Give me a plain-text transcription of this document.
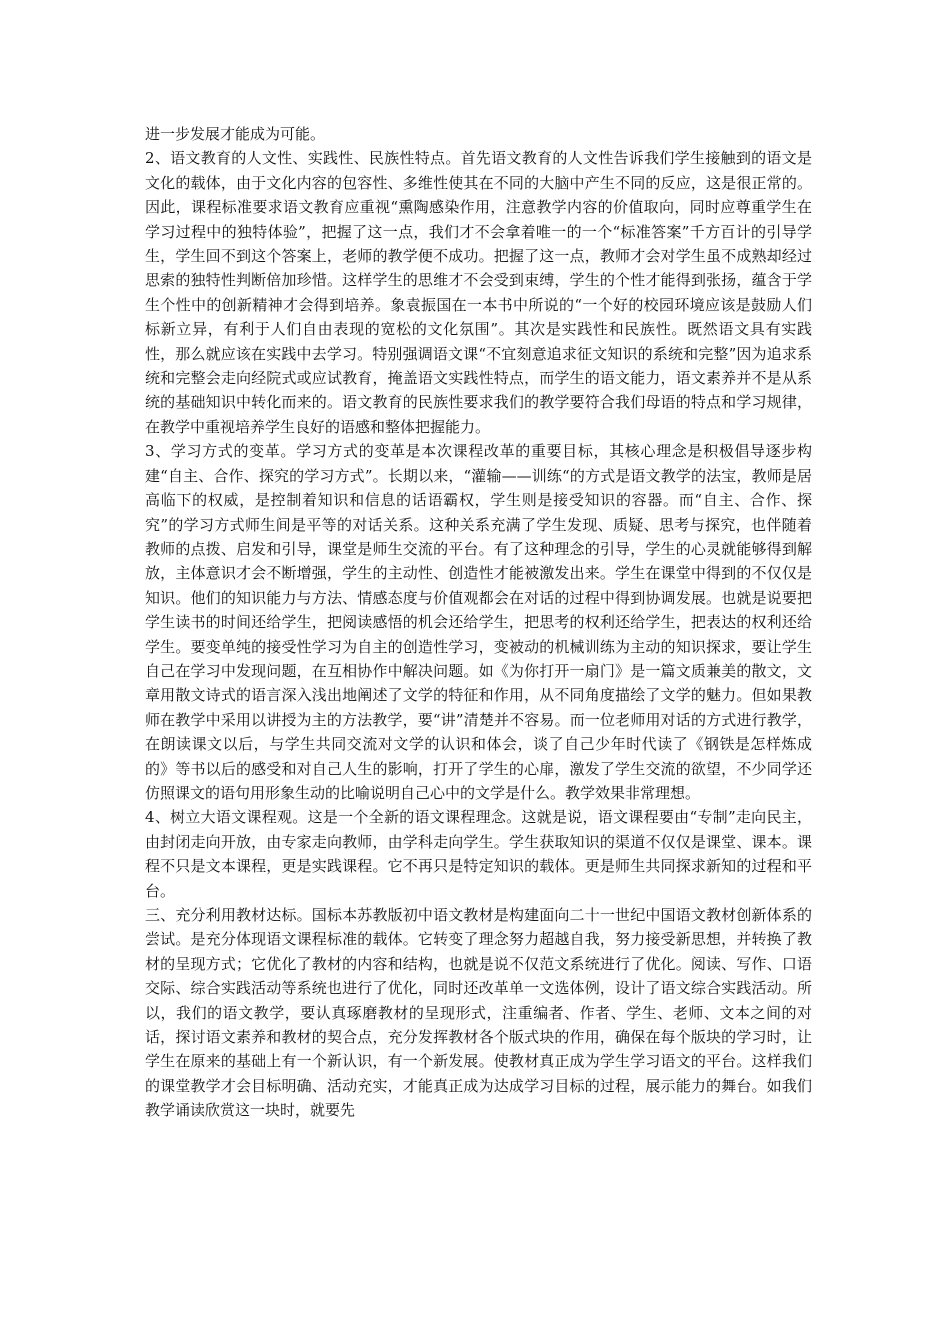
进一步发展才能成为可能。

2、语文教育的人文性、实践性、民族性特点。首先语文教育的人文性告诉我们学生接触到的语文是文化的载体，由于文化内容的包容性、多维性使其在不同的大脑中产生不同的反应，这是很正常的。因此，课程标准要求语文教育应重视“熏陶感染作用，注意教学内容的价值取向，同时应尊重学生在学习过程中的独特体验”，把握了这一点，我们才不会拿着唯一的一个“标准答案”千方百计的引导学生，学生回不到这个答案上，老师的教学便不成功。把握了这一点，教师才会对学生虽不成熟却经过思索的独特性判断倍加珍惜。这样学生的思维才不会受到束缚，学生的个性才能得到张扬，蕴含于学生个性中的创新精神才会得到培养。象袁振国在一本书中所说的“一个好的校园环境应该是鼓励人们标新立异，有利于人们自由表现的宽松的文化氛围”。其次是实践性和民族性。既然语文具有实践性，那么就应该在实践中去学习。特别强调语文课“不宜刻意追求征文知识的系统和完整”因为追求系统和完整会走向经院式或应试教育，掩盖语文实践性特点，而学生的语文能力，语文素养并不是从系统的基础知识中转化而来的。语文教育的民族性要求我们的教学要符合我们母语的特点和学习规律，在教学中重视培养学生良好的语感和整体把握能力。

3、学习方式的变革。学习方式的变革是本次课程改革的重要目标，其核心理念是积极倡导逐步构建“自主、合作、探究的学习方式”。长期以来，“灌输——训练“的方式是语文教学的法宝，教师是居高临下的权威，是控制着知识和信息的话语霸权，学生则是接受知识的容器。而“自主、合作、探究”的学习方式师生间是平等的对话关系。这种关系充满了学生发现、质疑、思考与探究，也伴随着教师的点拨、启发和引导，课堂是师生交流的平台。有了这种理念的引导，学生的心灵就能够得到解放，主体意识才会不断增强，学生的主动性、创造性才能被激发出来。学生在课堂中得到的不仅仅是知识。他们的知识能力与方法、情感态度与价值观都会在对话的过程中得到协调发展。也就是说要把学生读书的时间还给学生，把阅读感悟的机会还给学生，把思考的权利还给学生，把表达的权利还给学生。要变单纯的接受性学习为自主的创造性学习，变被动的机械训练为主动的知识探求，要让学生自己在学习中发现问题，在互相协作中解决问题。如《为你打开一扇门》是一篇文质兼美的散文，文章用散文诗式的语言深入浅出地阐述了文学的特征和作用，从不同角度描绘了文学的魅力。但如果教师在教学中采用以讲授为主的方法教学，要“讲”清楚并不容易。而一位老师用对话的方式进行教学，在朗读课文以后，与学生共同交流对文学的认识和体会，谈了自己少年时代读了《钢铁是怎样炼成的》等书以后的感受和对自己人生的影响，打开了学生的心扉，激发了学生交流的欲望，不少同学还仿照课文的语句用形象生动的比喻说明自己心中的文学是什么。教学效果非常理想。

4、树立大语文课程观。这是一个全新的语文课程理念。这就是说，语文课程要由“专制”走向民主，由封闭走向开放，由专家走向教师，由学科走向学生。学生获取知识的渠道不仅仅是课堂、课本。课程不只是文本课程，更是实践课程。它不再只是特定知识的载体。更是师生共同探求新知的过程和平台。

三、充分利用教材达标。国标本苏教版初中语文教材是构建面向二十一世纪中国语文教材创新体系的尝试。是充分体现语文课程标准的载体。它转变了理念努力超越自我，努力接受新思想，并转换了教材的呈现方式；它优化了教材的内容和结构，也就是说不仅范文系统进行了优化。阅读、写作、口语交际、综合实践活动等系统也进行了优化，同时还改革单一文选体例，设计了语文综合实践活动。所以，我们的语文教学，要认真琢磨教材的呈现形式，注重编者、作者、学生、老师、文本之间的对话，探讨语文素养和教材的契合点，充分发挥教材各个版式块的作用，确保在每个版块的学习时，让学生在原来的基础上有一个新认识，有一个新发展。使教材真正成为学生学习语文的平台。这样我们的课堂教学才会目标明确、活动充实，才能真正成为达成学习目标的过程，展示能力的舞台。如我们教学诵读欣赏这一块时，就要先
